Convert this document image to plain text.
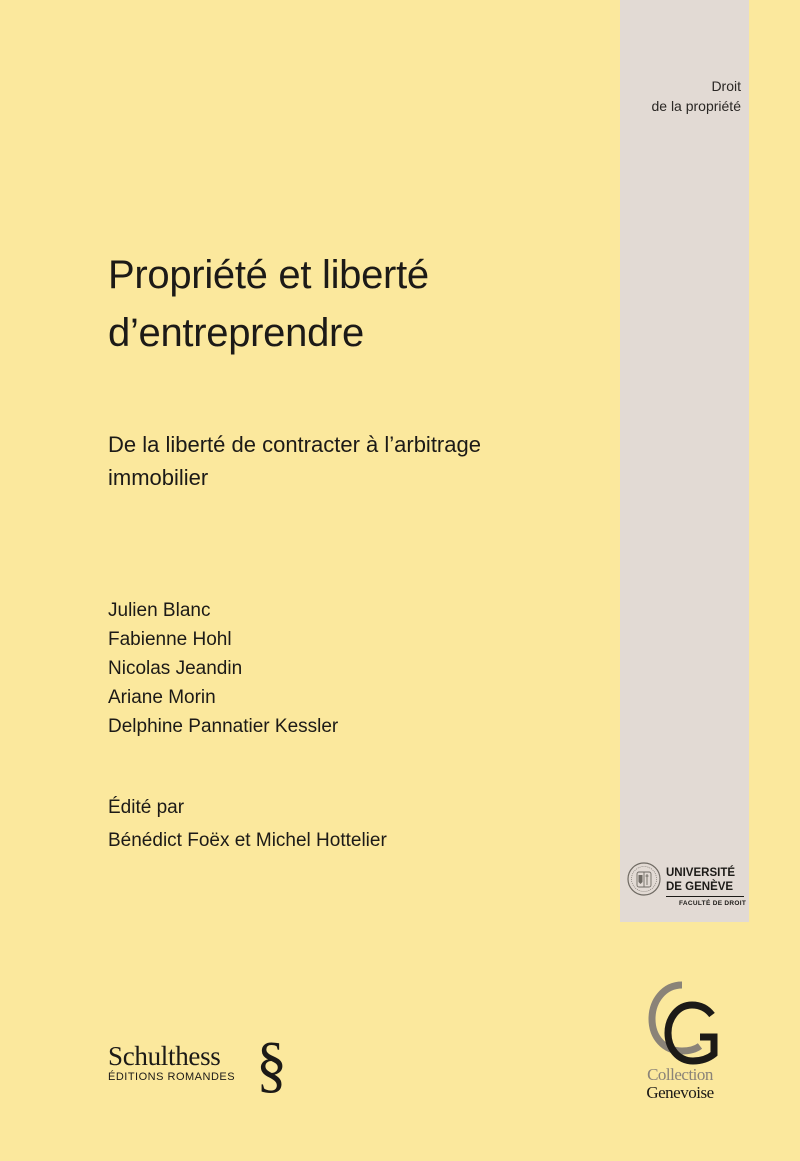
Droit
de la propriété
Propriété et liberté
d’entreprendre
De la liberté de contracter à l’arbitrage
immobilier
Julien Blanc
Fabienne Hohl
Nicolas Jeandin
Ariane Morin
Delphine Pannatier Kessler
Édité par
Bénédict Foëx et Michel Hottelier
UNIVERSITÉ
DE GENÈVE
FACULTÉ DE DROIT
Collection
Genevoise
Schulthess
ÉDITIONS ROMANDES §
